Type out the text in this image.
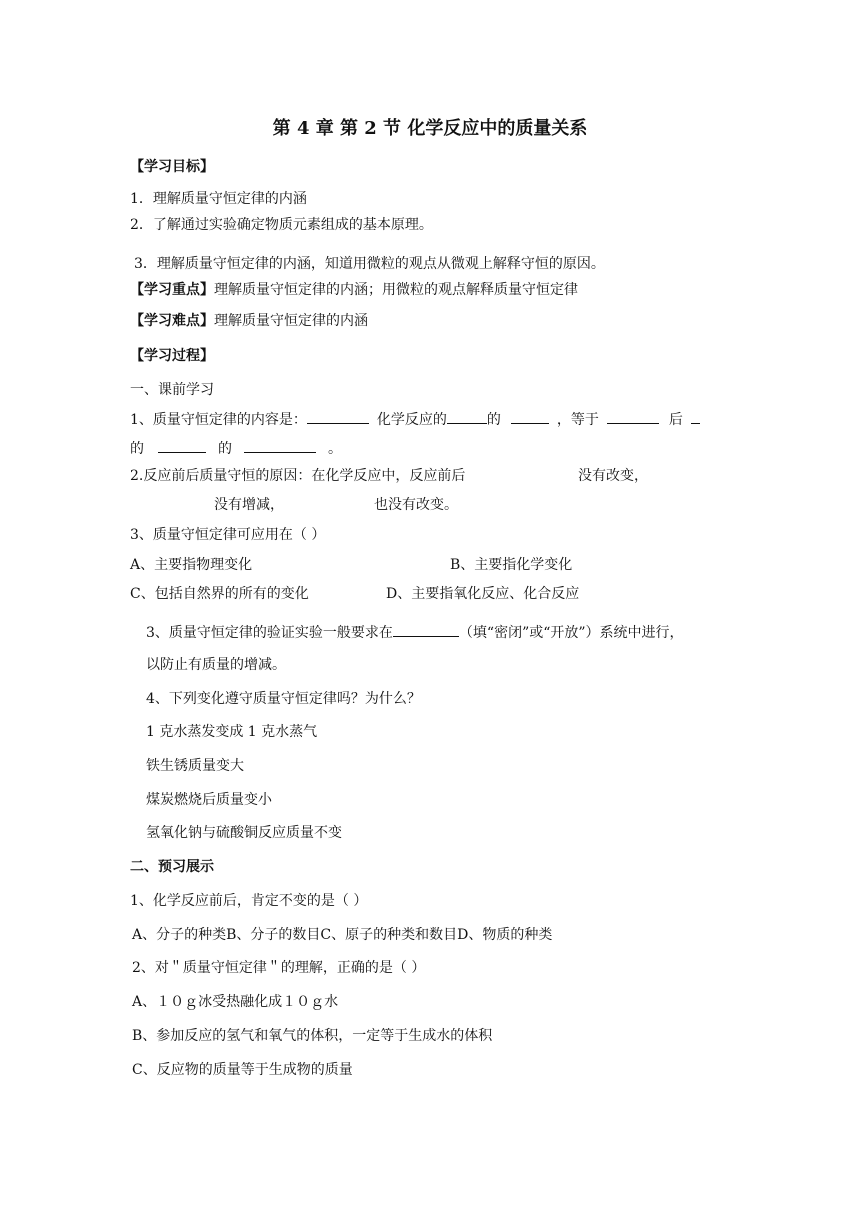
第 4 章 第 2 节 化学反应中的质量关系
【学习目标】
1．理解质量守恒定律的内涵
2．了解通过实验确定物质元素组成的基本原理。
3．理解质量守恒定律的内涵，知道用微粒的观点从微观上解释守恒的原因。
【学习重点】理解质量守恒定律的内涵；用微粒的观点解释质量守恒定律
【学习难点】理解质量守恒定律的内涵
【学习过程】
一、课前学习
1、质量守恒定律的内容是：	化学反应的	的	，等于	后
的	的	。
2.反应前后质量守恒的原因：在化学反应中，反应前后	没有改变，
没有增减，	也没有改变。
3、质量守恒定律可应用在（ ）
A、主要指物理变化	B、主要指化学变化
C、包括自然界的所有的变化	D、主要指氧化反应、化合反应
3、质量守恒定律的验证实验一般要求在	（填“密闭”或“开放”）系统中进行，
以防止有质量的增减。
4、下列变化遵守质量守恒定律吗？为什么？
1 克水蒸发变成 1 克水蒸气
铁生锈质量变大
煤炭燃烧后质量变小
氢氧化钠与硫酸铜反应质量不变
二、预习展示
1、化学反应前后，肯定不变的是（ ）
A、分子的种类B、分子的数目C、原子的种类和数目D、物质的种类
2、对＂质量守恒定律＂的理解，正确的是（ ）
A、１０ｇ冰受热融化成１０ｇ水
B、参加反应的氢气和氧气的体积，一定等于生成水的体积
C、反应物的质量等于生成物的质量
